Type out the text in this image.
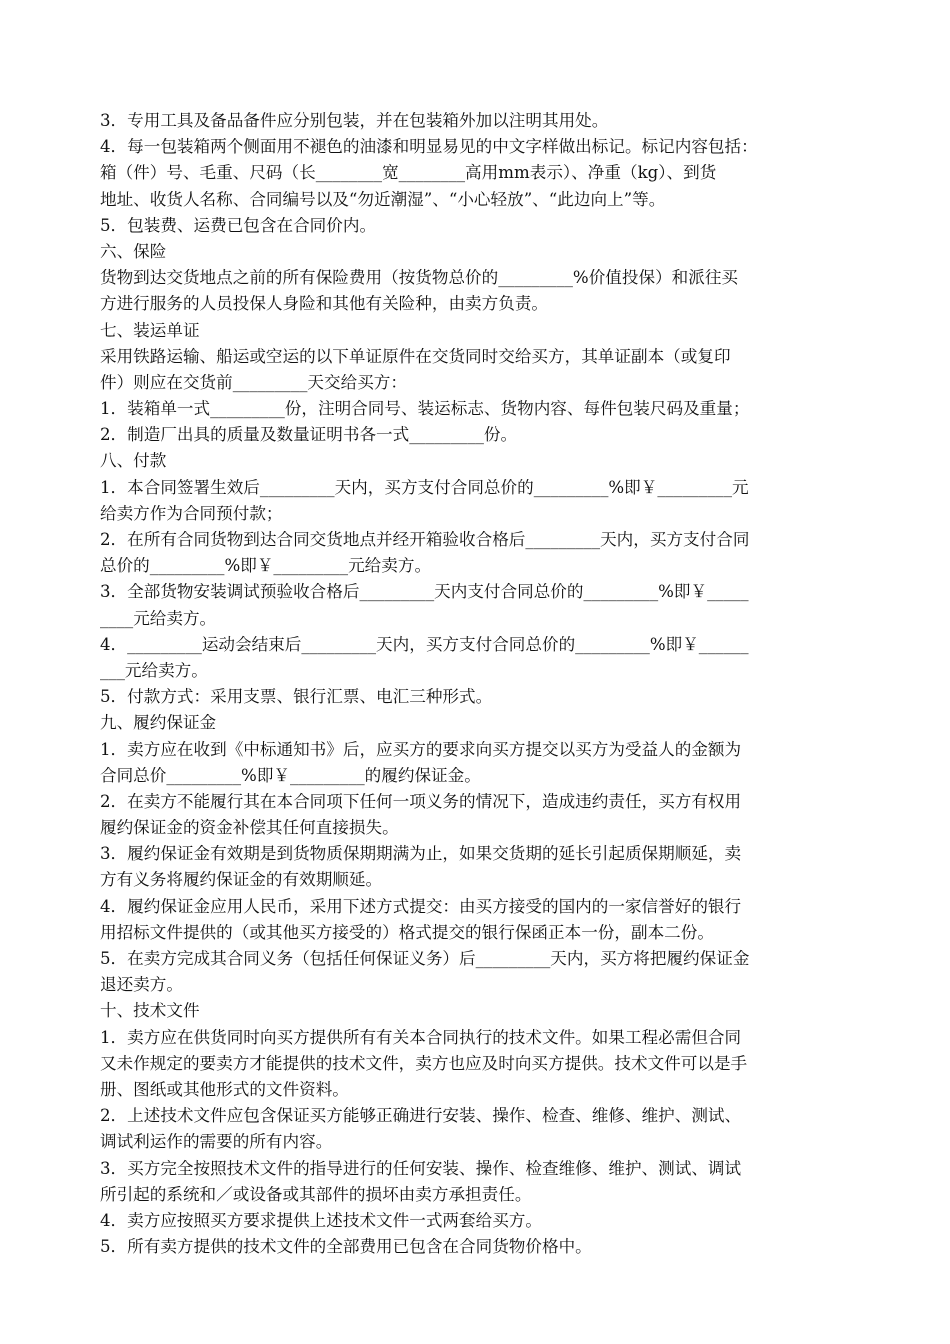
3．专用工具及备品备件应分别包装，并在包装箱外加以注明其用处。
4．每一包装箱两个侧面用不褪色的油漆和明显易见的中文字样做出标记。标记内容包括：
箱（件）号、毛重、尺码（长________宽________高用mm表示）、净重（kg）、到货
地址、收货人名称、合同编号以及“勿近潮湿”、“小心轻放”、“此边向上”等。
5．包装费、运费已包含在合同价内。
六、保险
货物到达交货地点之前的所有保险费用（按货物总价的_________%价值投保）和派往买
方进行服务的人员投保人身险和其他有关险种，由卖方负责。
七、装运单证
采用铁路运输、船运或空运的以下单证原件在交货同时交给买方，其单证副本（或复印
件）则应在交货前_________天交给买方：
1．装箱单一式_________份，注明合同号、装运标志、货物内容、每件包装尺码及重量；
2．制造厂出具的质量及数量证明书各一式_________份。
八、付款
1．本合同签署生效后_________天内，买方支付合同总价的_________%即￥_________元
给卖方作为合同预付款；
2．在所有合同货物到达合同交货地点并经开箱验收合格后_________天内，买方支付合同
总价的_________%即￥_________元给卖方。
3．全部货物安装调试预验收合格后_________天内支付合同总价的_________%即￥_____
____元给卖方。
4．_________运动会结束后_________天内，买方支付合同总价的_________%即￥______
___元给卖方。
5．付款方式：采用支票、银行汇票、电汇三种形式。
九、履约保证金
1．卖方应在收到《中标通知书》后，应买方的要求向买方提交以买方为受益人的金额为
合同总价_________%即￥_________的履约保证金。
2．在卖方不能履行其在本合同项下任何一项义务的情况下，造成违约责任，买方有权用
履约保证金的资金补偿其任何直接损失。
3．履约保证金有效期是到货物质保期期满为止，如果交货期的延长引起质保期顺延，卖
方有义务将履约保证金的有效期顺延。
4．履约保证金应用人民币，采用下述方式提交：由买方接受的国内的一家信誉好的银行
用招标文件提供的（或其他买方接受的）格式提交的银行保函正本一份，副本二份。
5．在卖方完成其合同义务（包括任何保证义务）后_________天内，买方将把履约保证金
退还卖方。
十、技术文件
1．卖方应在供货同时向买方提供所有有关本合同执行的技术文件。如果工程必需但合同
又未作规定的要卖方才能提供的技术文件，卖方也应及时向买方提供。技术文件可以是手
册、图纸或其他形式的文件资料。
2．上述技术文件应包含保证买方能够正确进行安装、操作、检查、维修、维护、测试、
调试利运作的需要的所有内容。
3．买方完全按照技术文件的指导进行的任何安装、操作、检查维修、维护、测试、调试
所引起的系统和／或设备或其部件的损坏由卖方承担责任。
4．卖方应按照买方要求提供上述技术文件一式两套给买方。
5．所有卖方提供的技术文件的全部费用已包含在合同货物价格中。
